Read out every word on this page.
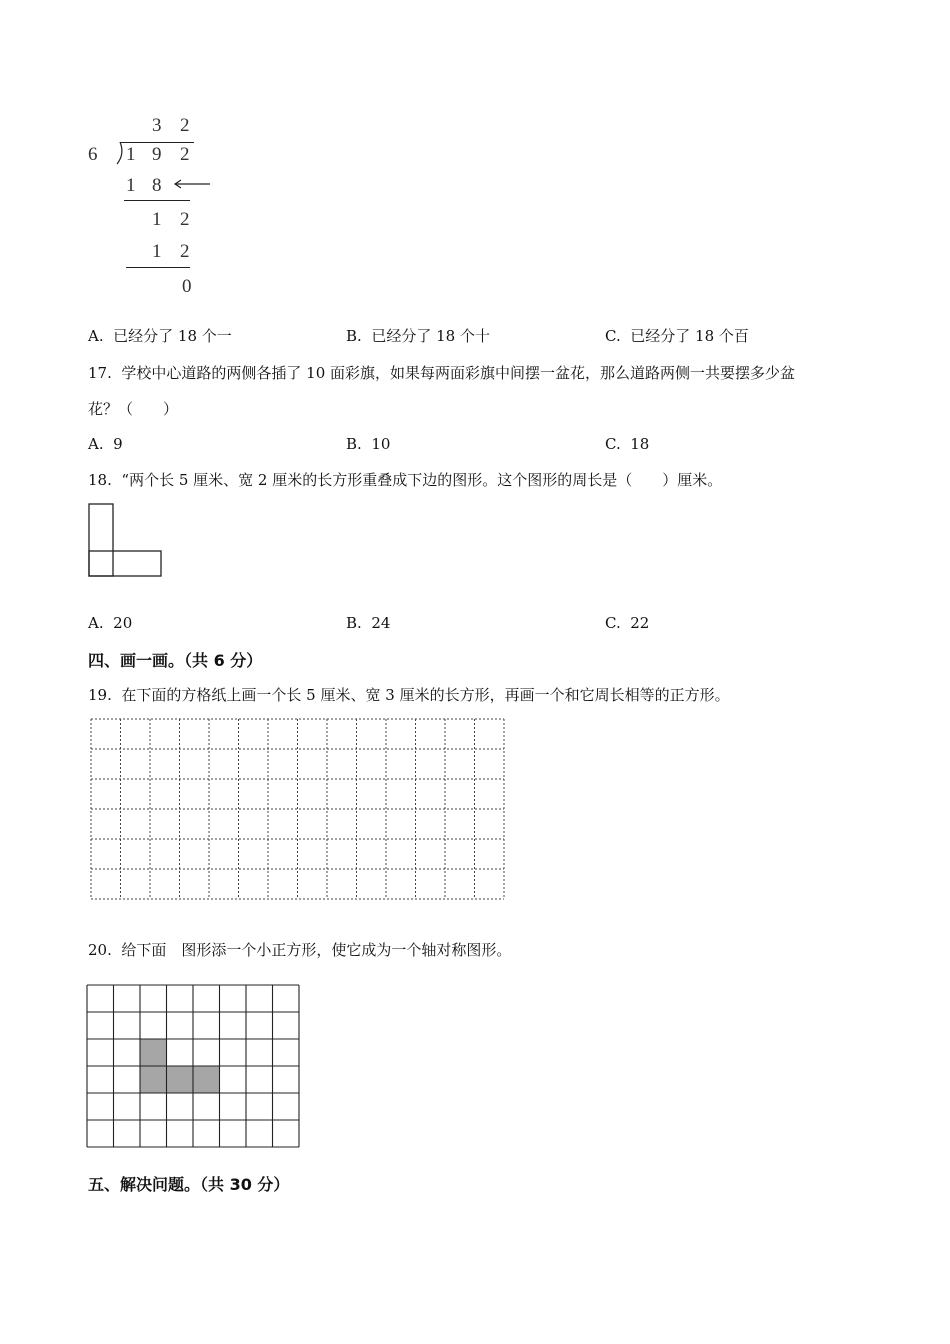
3 2
6 1 9 2
1 8
1 2
1 2
0
A. 已经分了 18 个一	B. 已经分了 18 个十	C. 已经分了 18 个百
17. 学校中心道路的两侧各插了 10 面彩旗，如果每两面彩旗中间摆一盆花，那么道路两侧一共要摆多少盆
花？（　　）
A. 9	B. 10	C. 18
18. “两个长 5 厘米、宽 2 厘米的长方形重叠成下边的图形。这个图形的周长是（　　）厘米。
A. 20	B. 24	C. 22
四、画一画。（共 6 分）
19. 在下面的方格纸上画一个长 5 厘米、宽 3 厘米的长方形，再画一个和它周长相等的正方形。
20. 给下面　图形添一个小正方形，使它成为一个轴对称图形。
五、解决问题。（共 30 分）
